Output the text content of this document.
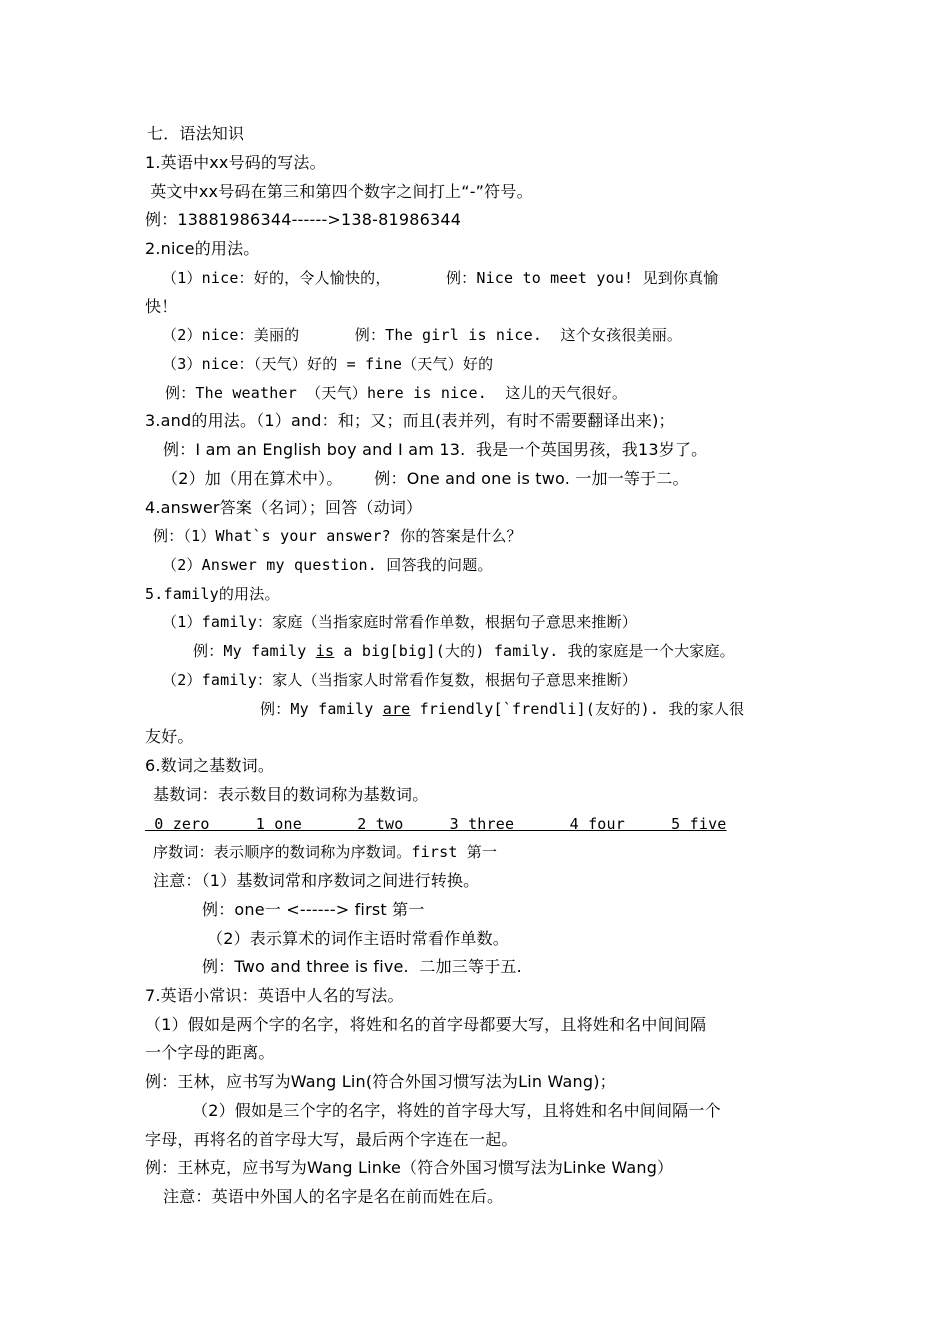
七．语法知识
1.英语中xx号码的写法。
英文中xx号码在第三和第四个数字之间打上“-”符号。
例：13881986344------>138-81986344
2.nice的用法。
（1）nice：好的，令人愉快的，      例：Nice to meet you! 见到你真愉
快！
（2）nice：美丽的      例：The girl is nice.  这个女孩很美丽。
（3）nice：（天气）好的 = fine（天气）好的
例：The weather （天气）here is nice.  这儿的天气很好。
3.and的用法。（1）and：和；又；而且(表并列，有时不需要翻译出来)；
例：I am an English boy and I am 13.  我是一个英国男孩，我13岁了。
（2）加（用在算术中）。      例：One and one is two. 一加一等于二。
4.answer答案（名词）；回答（动词）
例：（1）What`s your answer? 你的答案是什么？
（2）Answer my question. 回答我的问题。
5.family的用法。
（1）family：家庭（当指家庭时常看作单数，根据句子意思来推断）
例：My family is a big[big](大的) family. 我的家庭是一个大家庭。
（2）family：家人（当指家人时常看作复数，根据句子意思来推断）
例：My family are friendly[`frendli](友好的). 我的家人很
友好。
6.数词之基数词。
基数词：表示数目的数词称为基数词。
0 zero     1 one      2 two     3 three      4 four     5 five
序数词：表示顺序的数词称为序数词。first 第一
注意：（1）基数词常和序数词之间进行转换。
例：one一 <------> first 第一
（2）表示算术的词作主语时常看作单数。
例：Two and three is five.  二加三等于五.
7.英语小常识：英语中人名的写法。
（1）假如是两个字的名字，将姓和名的首字母都要大写，且将姓和名中间间隔
一个字母的距离。
例：王林，应书写为Wang Lin(符合外国习惯写法为Lin Wang)；
（2）假如是三个字的名字，将姓的首字母大写，且将姓和名中间间隔一个
字母，再将名的首字母大写，最后两个字连在一起。
例：王林克，应书写为Wang Linke（符合外国习惯写法为Linke Wang）
注意：英语中外国人的名字是名在前而姓在后。
